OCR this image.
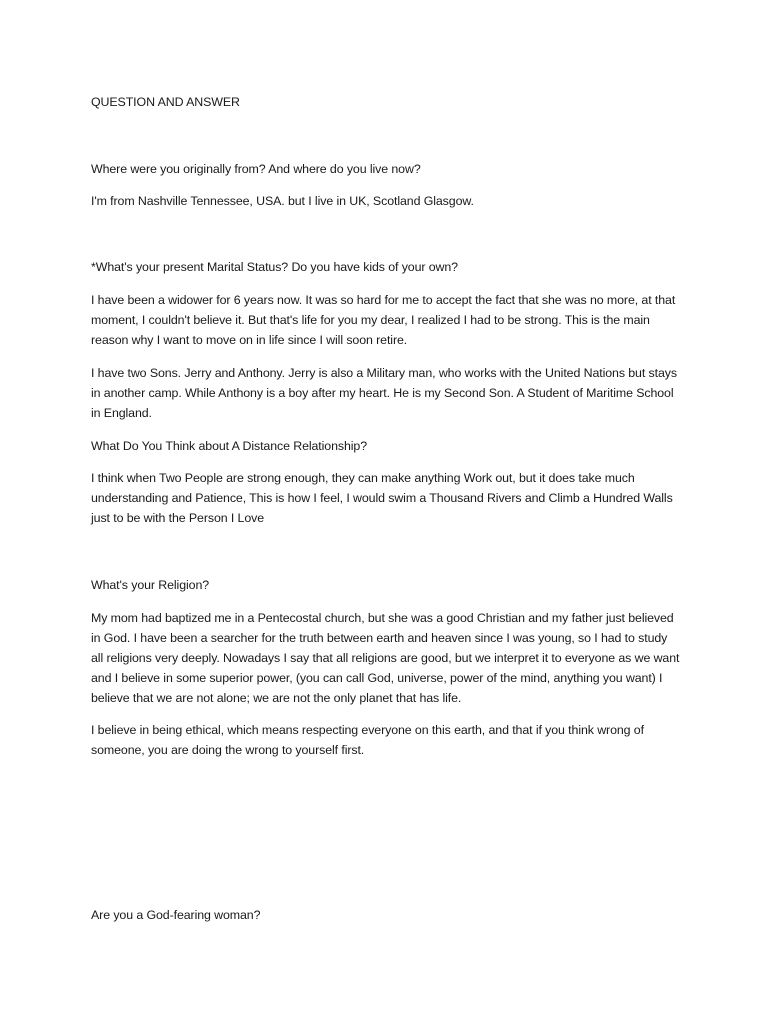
QUESTION AND ANSWER

Where were you originally from? And where do you live now?

I'm from Nashville Tennessee, USA. but I live in UK, Scotland Glasgow.

*What's your present Marital Status? Do you have kids of your own?

I have been a widower for 6 years now. It was so hard for me to accept the fact that she was no more, at that moment, I couldn't believe it. But that's life for you my dear, I realized I had to be strong. This is the main reason why I want to move on in life since I will soon retire.

I have two Sons. Jerry and Anthony. Jerry is also a Military man, who works with the United Nations but stays in another camp. While Anthony is a boy after my heart. He is my Second Son. A Student of Maritime School in England.

What Do You Think about A Distance Relationship?

I think when Two People are strong enough, they can make anything Work out, but it does take much understanding and Patience, This is how I feel, I would swim a Thousand Rivers and Climb a Hundred Walls just to be with the Person I Love

What's your Religion?

My mom had baptized me in a Pentecostal church, but she was a good Christian and my father just believed in God. I have been a searcher for the truth between earth and heaven since I was young, so I had to study all religions very deeply. Nowadays I say that all religions are good, but we interpret it to everyone as we want and I believe in some superior power, (you can call God, universe, power of the mind, anything you want) I believe that we are not alone; we are not the only planet that has life.

I believe in being ethical, which means respecting everyone on this earth, and that if you think wrong of someone, you are doing the wrong to yourself first.

Are you a God-fearing woman?
